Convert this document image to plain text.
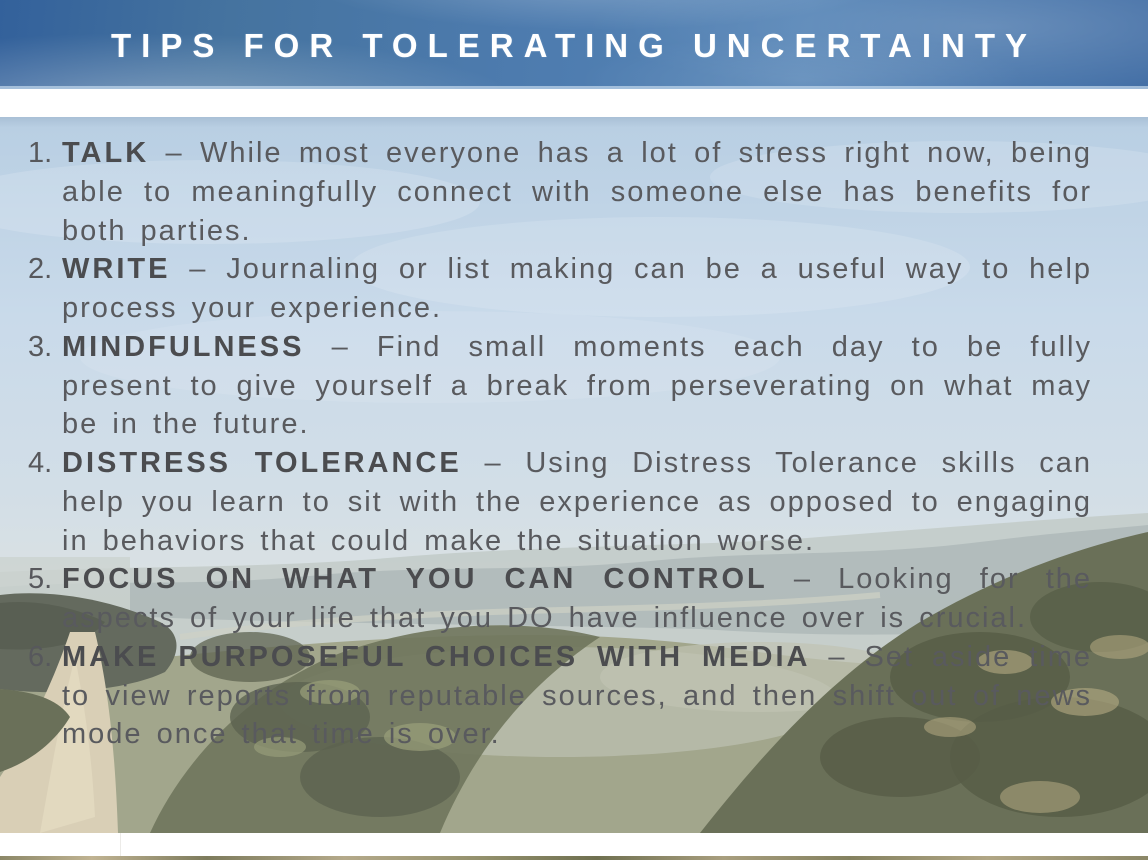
TIPS FOR TOLERATING UNCERTAINTY
1. TALK – While most everyone has a lot of stress right now, being able to meaningfully connect with someone else has benefits for both parties.
2. WRITE – Journaling or list making can be a useful way to help process your experience.
3. MINDFULNESS – Find small moments each day to be fully present to give yourself a break from perseverating on what may be in the future.
4. DISTRESS TOLERANCE – Using Distress Tolerance skills can help you learn to sit with the experience as opposed to engaging in behaviors that could make the situation worse.
5. FOCUS ON WHAT YOU CAN CONTROL – Looking for the aspects of your life that you DO have influence over is crucial.
6. MAKE PURPOSEFUL CHOICES WITH MEDIA – Set aside time to view reports from reputable sources, and then shift out of news mode once that time is over.
